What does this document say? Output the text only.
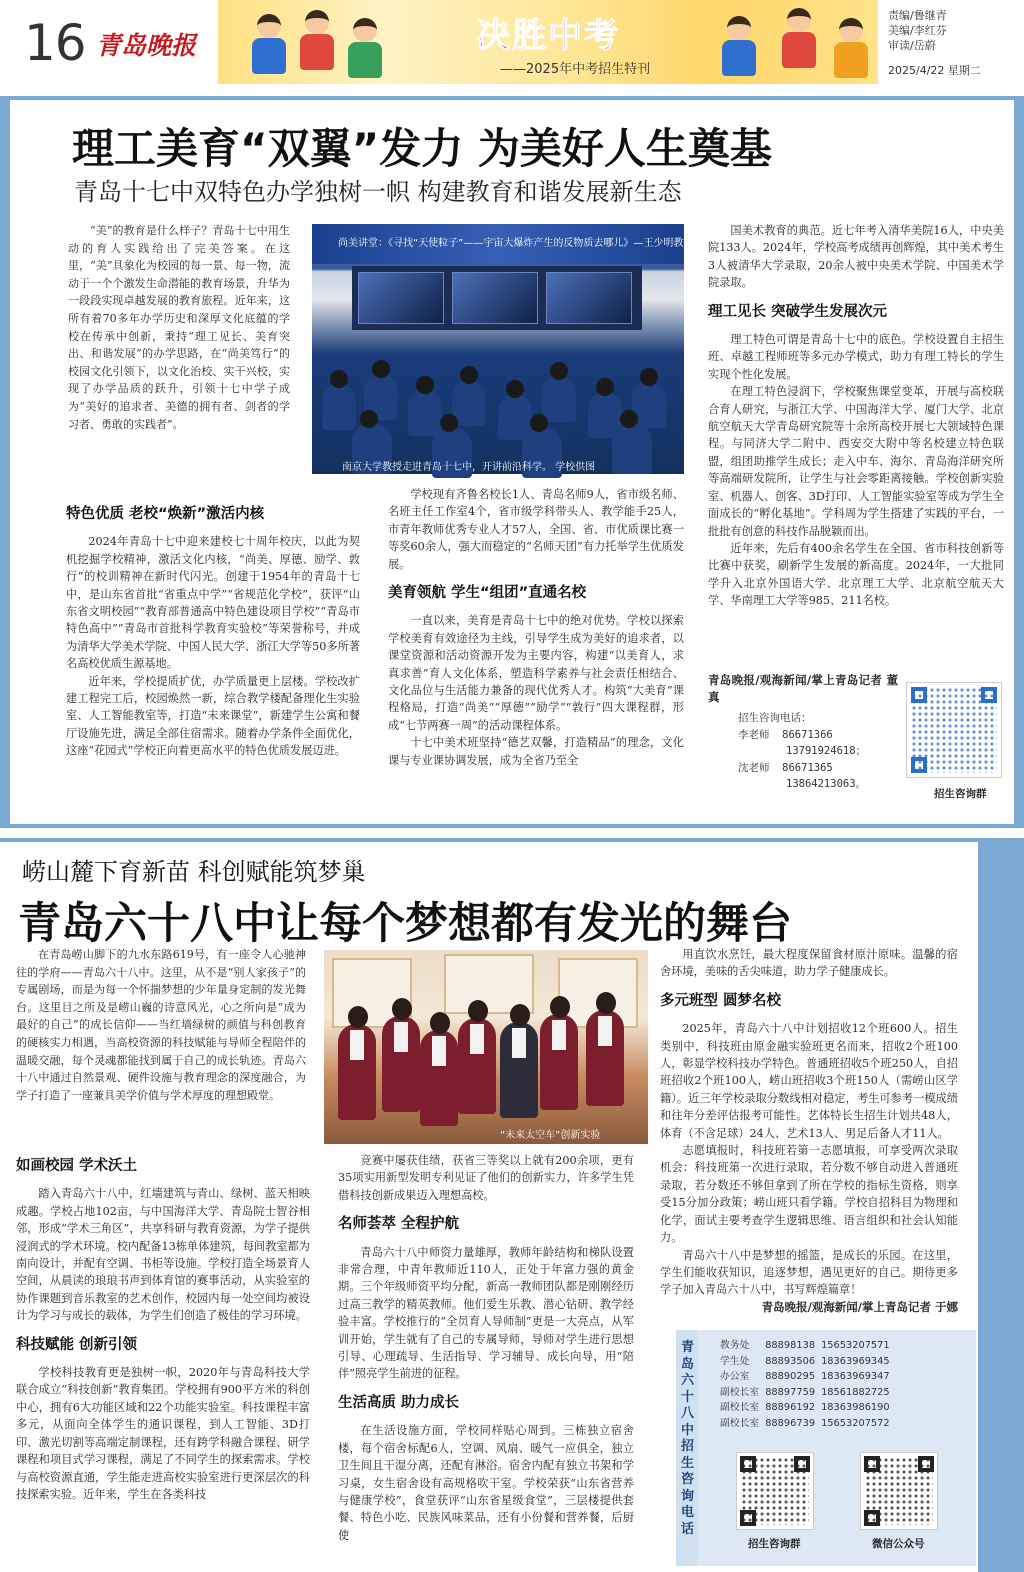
16 青岛晚报	决胜中考
——2025年中考招生特刊
责编/鲁继青
美编/李红芬
审读/岳蔚
2025/4/22 星期二
理工美育“双翼”发力 为美好人生奠基
青岛十七中双特色办学独树一帜 构建教育和谐发展新生态

“美”的教育是什么样子？青岛十七中用生动的育人实践给出了完美答案。在这里，“美”具象化为校园的每一景、每一物，流动于一个个激发生命潜能的教育场景，升华为一段段实现卓越发展的教育旅程。近年来，这所有着70多年办学历史和深厚文化底蕴的学校在传承中创新，秉持“理工见长、美育突出、和谐发展”的办学思路，在“尚美笃行”的校园文化引领下，以文化治校、实干兴校，实现了办学品质的跃升，引领十七中学子成为“美好的追求者、美德的拥有者、剑者的学习者、勇敢的实践者”。

尚美讲堂：《寻找“天使粒子”——宇宙大爆炸产生的反物质去哪儿》—王少明教授 上海交大
南京大学教授走进青岛十七中，开讲前沿科学。 学校供图

特色优质 老校“焕新”激活内核

2024年青岛十七中迎来建校七十周年校庆，以此为契机挖掘学校精神，激活文化内核，“尚美、厚德、励学、敦行”的校训精神在新时代闪光。创建于1954年的青岛十七中，是山东省首批“省重点中学”“省规范化学校”，获评“山东省文明校园”“教育部普通高中特色建设项目学校”“青岛市特色高中”“青岛市首批科学教育实验校”等荣誉称号，并成为清华大学美术学院、中国人民大学、浙江大学等50多所著名高校优质生源基地。

近年来，学校提质扩优，办学质量更上层楼。学校改扩建工程完工后，校园焕然一新，综合教学楼配备理化生实验室、人工智能教室等，打造“未来课堂”，新建学生公寓和餐厅设施先进，满足全部住宿需求。随着办学条件全面优化，这座“花园式”学校正向着更高水平的特色优质发展迈进。

学校现有齐鲁名校长1人、青岛名师9人，省市级名师、名班主任工作室4个，省市级学科带头人、教学能手25人，市青年教师优秀专业人才57人，全国、省、市优质课比赛一等奖60余人，强大而稳定的“名师天团”有力托举学生优质发展。

美育领航 学生“组团”直通名校

一直以来，美育是青岛十七中的绝对优势。学校以探索学校美育有效途径为主线，引导学生成为美好的追求者，以课堂资源和活动资源开发为主要内容，构建“以美育人，求真求善”育人文化体系，塑造科学素养与社会责任相结合、文化品位与生活能力兼备的现代优秀人才。构筑“大美育”课程格局，打造“尚美”“厚德”“励学”“敦行”四大课程群，形成“七节两赛一周”的活动课程体系。

十七中美术班坚持“德艺双馨，打造精品”的理念，文化课与专业课协调发展，成为全省乃至全

国美术教育的典范。近七年考入清华美院16人，中央美院133人。2024年，学校高考成绩再创辉煌，其中美术考生3人被清华大学录取，20余人被中央美术学院、中国美术学院录取。

理工见长 突破学生发展次元

理工特色可谓是青岛十七中的底色。学校设置自主招生班、卓越工程师班等多元办学模式，助力有理工特长的学生实现个性化发展。

在理工特色浸润下，学校聚焦课堂变革，开展与高校联合育人研究，与浙江大学、中国海洋大学、厦门大学、北京航空航天大学青岛研究院等十余所高校开展七大领域特色课程。与同济大学二附中、西安交大附中等名校建立特色联盟，组团助推学生成长；走入中车、海尔、青岛海洋研究所等高端研发院所，让学生与社会零距离接触。学校创新实验室、机器人、创客、3D打印、人工智能实验室等成为学生全面成长的“孵化基地”。学科周为学生搭建了实践的平台，一批批有创意的科技作品脱颖而出。

近年来，先后有400余名学生在全国、省市科技创新等比赛中获奖，刷新学生发展的新高度。2024年，一大批同学升入北京外国语大学、北京理工大学、北京航空航天大学、华南理工大学等985、211名校。

青岛晚报/观海新闻/掌上青岛记者 董真

招生咨询电话：
李老师 86671366
13791924618；
沈老师 86671365
13864213063。
招生咨询群
崂山麓下育新苗 科创赋能筑梦巢
青岛六十八中让每个梦想都有发光的舞台

在青岛崂山脚下的九水东路619号，有一座令人心驰神往的学府——青岛六十八中。这里，从不是“别人家孩子”的专属剧场，而是为每一个怀揣梦想的少年量身定制的发光舞台。这里目之所及是崂山巍的诗意风光，心之所向是“成为最好的自己”的成长信仰——当红墙绿树的颜值与科创教育的硬核实力相遇，当高校资源的科技赋能与导师全程陪伴的温暖交融，每个灵魂都能找到属于自己的成长轨迹。青岛六十八中通过自然景观、硬件设施与教育理念的深度融合，为学子打造了一座兼具美学价值与学术厚度的理想殿堂。

“未来太空车”创新实验

如画校园 学术沃土

踏入青岛六十八中，红墙建筑与青山、绿树、蓝天相映成趣。学校占地102亩，与中国海洋大学、青岛院士智谷相邻，形成“学术三角区”，共享科研与教育资源，为学子提供浸润式的学术环境。校内配备13栋单体建筑，每间教室都为南向设计，并配有空调、书柜等设施。学校打造全场景育人空间，从晨读的琅琅书声到体育馆的赛事活动，从实验室的协作课题到音乐教室的艺术创作，校园内每一处空间均被设计为学习与成长的载体，为学生们创造了极佳的学习环境。

科技赋能 创新引领

学校科技教育更是独树一帜，2020年与青岛科技大学联合成立“科技创新”教育集团。学校拥有900平方米的科创中心，拥有6大功能区域和22个功能实验室。科技课程丰富多元，从面向全体学生的通识课程，到人工智能、3D打印、激光切割等高端定制课程，还有跨学科融合课程、研学课程和项目式学习课程，满足了不同学生的探索需求。学校与高校资源直通，学生能走进高校实验室进行更深层次的科技探索实验。近年来，学生在各类科技

竞赛中屡获佳绩，获省三等奖以上就有200余项，更有35项实用新型发明专利见证了他们的创新实力，许多学生凭借科技创新成果迈入理想高校。

名师荟萃 全程护航

青岛六十八中师资力量雄厚，教师年龄结构和梯队设置非常合理，中青年教师近110人，正处于年富力强的黄金期。三个年级师资平均分配，新高一教师团队都是刚刚经历过高三教学的精英教师。他们爱生乐教、潜心钻研、教学经验丰富。学校推行的“全员育人导师制”更是一大亮点，从军训开始，学生就有了自己的专属导师，导师对学生进行思想引导、心理疏导、生活指导、学习辅导、成长向导，用“陪伴”照亮学生前进的征程。

生活高质 助力成长

在生活设施方面，学校同样贴心周到。三栋独立宿舍楼，每个宿舍标配6人，空调、风扇、暖气一应俱全，独立卫生间且干湿分离，还配有淋浴。宿舍内配有独立书架和学习桌，女生宿舍设有高规格吹干室。学校荣获“山东省营养与健康学校”，食堂获评“山东省星级食堂”，三层楼提供套餐、特色小吃、民族风味菜品，还有小份餐和营养餐，后厨使

用直饮水烹饪，最大程度保留食材原汁原味。温馨的宿舍环境，美味的舌尖味道，助力学子健康成长。

多元班型 圆梦名校

2025年，青岛六十八中计划招收12个班600人。招生类别中，科技班由原金融实验班更名而来，招收2个班100人，彰显学校科技办学特色。普通班招收5个班250人，自招班招收2个班100人，崂山班招收3个班150人（需崂山区学籍）。近三年学校录取分数线相对稳定，考生可参考一模成绩和往年分差评估报考可能性。艺体特长生招生计划共48人，体育（不含足球）24人、艺术13人、男足后备人才11人。

志愿填报时，科技班若第一志愿填报，可享受两次录取机会：科技班第一次进行录取，若分数不够自动进入普通班录取，若分数还不够但拿到了所在学校的指标生资格，则享受15分加分政策；崂山班只看学籍。学校自招科目为物理和化学，面试主要考查学生逻辑思维、语言组织和社会认知能力。

青岛六十八中是梦想的摇篮，是成长的乐园。在这里，学生们能收获知识，追逐梦想，遇见更好的自己。期待更多学子加入青岛六十八中，书写辉煌篇章！

青岛晚报/观海新闻/掌上青岛记者 于娜

青岛六十八中招生咨询电话
教务处	88898138	15653207571
学生处	88893506	18363969345
办公室	88890295	18363969347
副校长室	88897759	18561882725
副校长室	88896192	18363986190
副校长室	88896739	15653207572
招生咨询群	微信公众号
